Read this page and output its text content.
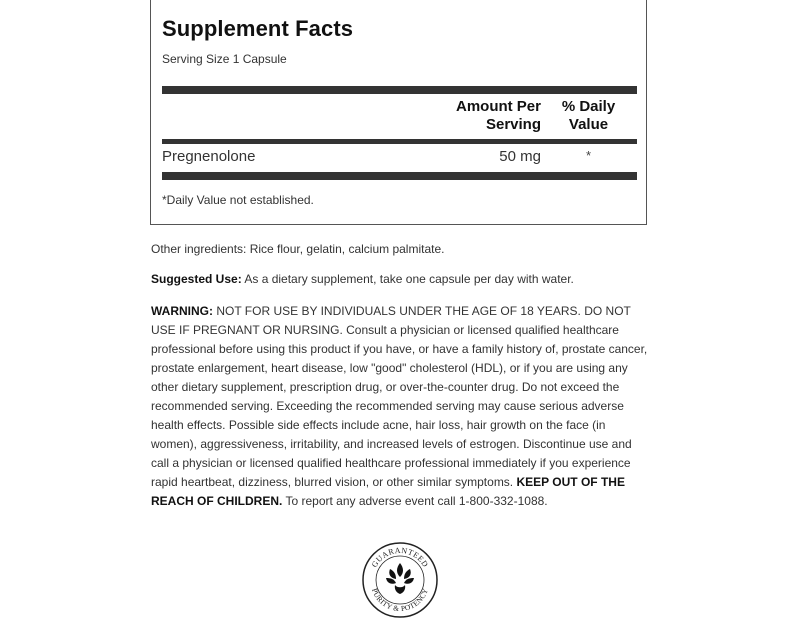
Supplement Facts
Serving Size 1 Capsule
Amount Per
Serving
% Daily
Value
Pregnenolone	50 mg	*
*Daily Value not established.
Other ingredients: Rice flour, gelatin, calcium palmitate.
Suggested Use: As a dietary supplement, take one capsule per day with water.
WARNING: NOT FOR USE BY INDIVIDUALS UNDER THE AGE OF 18 YEARS. DO NOT USE IF PREGNANT OR NURSING. Consult a physician or licensed qualified healthcare professional before using this product if you have, or have a family history of, prostate cancer, prostate enlargement, heart disease, low "good" cholesterol (HDL), or if you are using any other dietary supplement, prescription drug, or over-the-counter drug. Do not exceed the recommended serving. Exceeding the recommended serving may cause serious adverse health effects. Possible side effects include acne, hair loss, hair growth on the face (in women), aggressiveness, irritability, and increased levels of estrogen. Discontinue use and call a physician or licensed qualified healthcare professional immediately if you experience rapid heartbeat, dizziness, blurred vision, or other similar symptoms. KEEP OUT OF THE REACH OF CHILDREN. To report any adverse event call 1-800-332-1088.
GUARANTEED
PURITY & POTENCY
